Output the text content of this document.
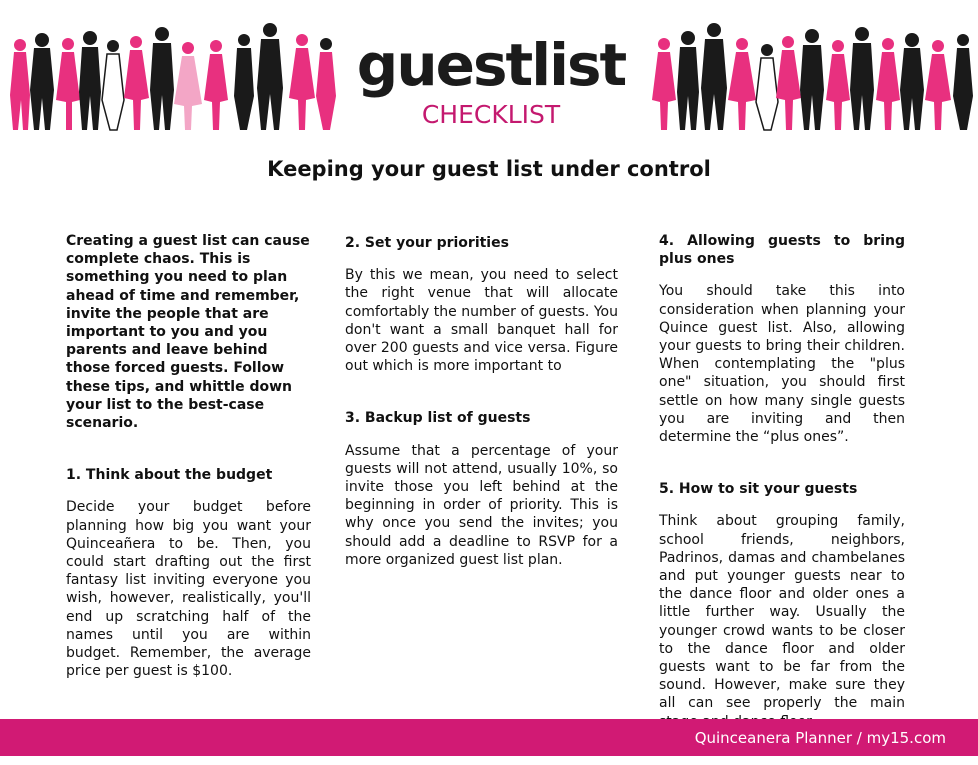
guestlist
CHECKLIST
Keeping your guest list under control

Creating a guest list can cause complete chaos. This is something you need to plan ahead of time and remember, invite the people that are important to you and you parents and leave behind those forced guests. Follow these tips, and whittle down your list to the best-case scenario.

1. Think about the budget

Decide your budget before planning how big you want your Quinceañera to be. Then, you could start drafting out the first fantasy list inviting everyone you wish, however, realistically, you'll end up scratching half of the names until you are within budget. Remember, the average price per guest is $100.

2. Set your priorities

By this we mean, you need to select the right venue that will allocate comfortably the number of guests. You don't want a small banquet hall for over 200 guests and vice versa. Figure out which is more important to

3. Backup list of guests

Assume that a percentage of your guests will not attend, usually 10%, so invite those you left behind at the beginning in order of priority. This is why once you send the invites; you should add a deadline to RSVP for a more organized guest list plan.

4. Allowing guests to bring plus ones

You should take this into consideration when planning your Quince guest list. Also, allowing your guests to bring their children. When contemplating the "plus one" situation, you should first settle on how many single guests you are inviting and then determine the “plus ones”.

5. How to sit your guests

Think about grouping family, school friends, neighbors, Padrinos, damas and chambelanes and put younger guests near to the dance floor and older ones a little further way. Usually the younger crowd wants to be closer to the dance floor and older guests want to be far from the sound. However, make sure they all can see properly the main

Quinceanera Planner / my15.com
